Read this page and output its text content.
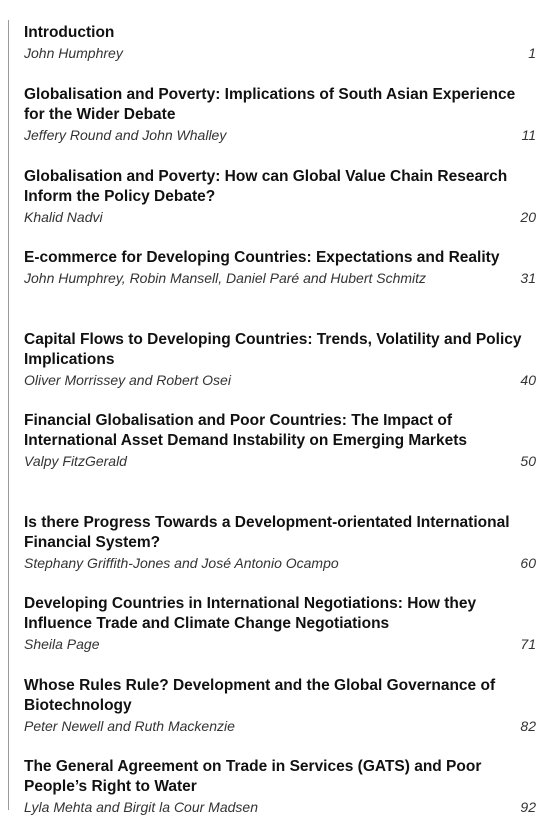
Introduction

John Humphrey	1

Globalisation and Poverty: Implications of South Asian Experience for the Wider Debate

Jeffery Round and John Whalley	11

Globalisation and Poverty: How can Global Value Chain Research Inform the Policy Debate?

Khalid Nadvi	20

E-commerce for Developing Countries: Expectations and Reality

John Humphrey, Robin Mansell, Daniel Paré and Hubert Schmitz	31

Capital Flows to Developing Countries: Trends, Volatility and Policy Implications

Oliver Morrissey and Robert Osei	40

Financial Globalisation and Poor Countries: The Impact of International Asset Demand Instability on Emerging Markets

Valpy FitzGerald	50

Is there Progress Towards a Development-orientated International Financial System?

Stephany Griffith-Jones and José Antonio Ocampo	60

Developing Countries in International Negotiations: How they Influence Trade and Climate Change Negotiations

Sheila Page	71

Whose Rules Rule? Development and the Global Governance of Biotechnology

Peter Newell and Ruth Mackenzie	82

The General Agreement on Trade in Services (GATS) and Poor People’s Right to Water

Lyla Mehta and Birgit la Cour Madsen	92
